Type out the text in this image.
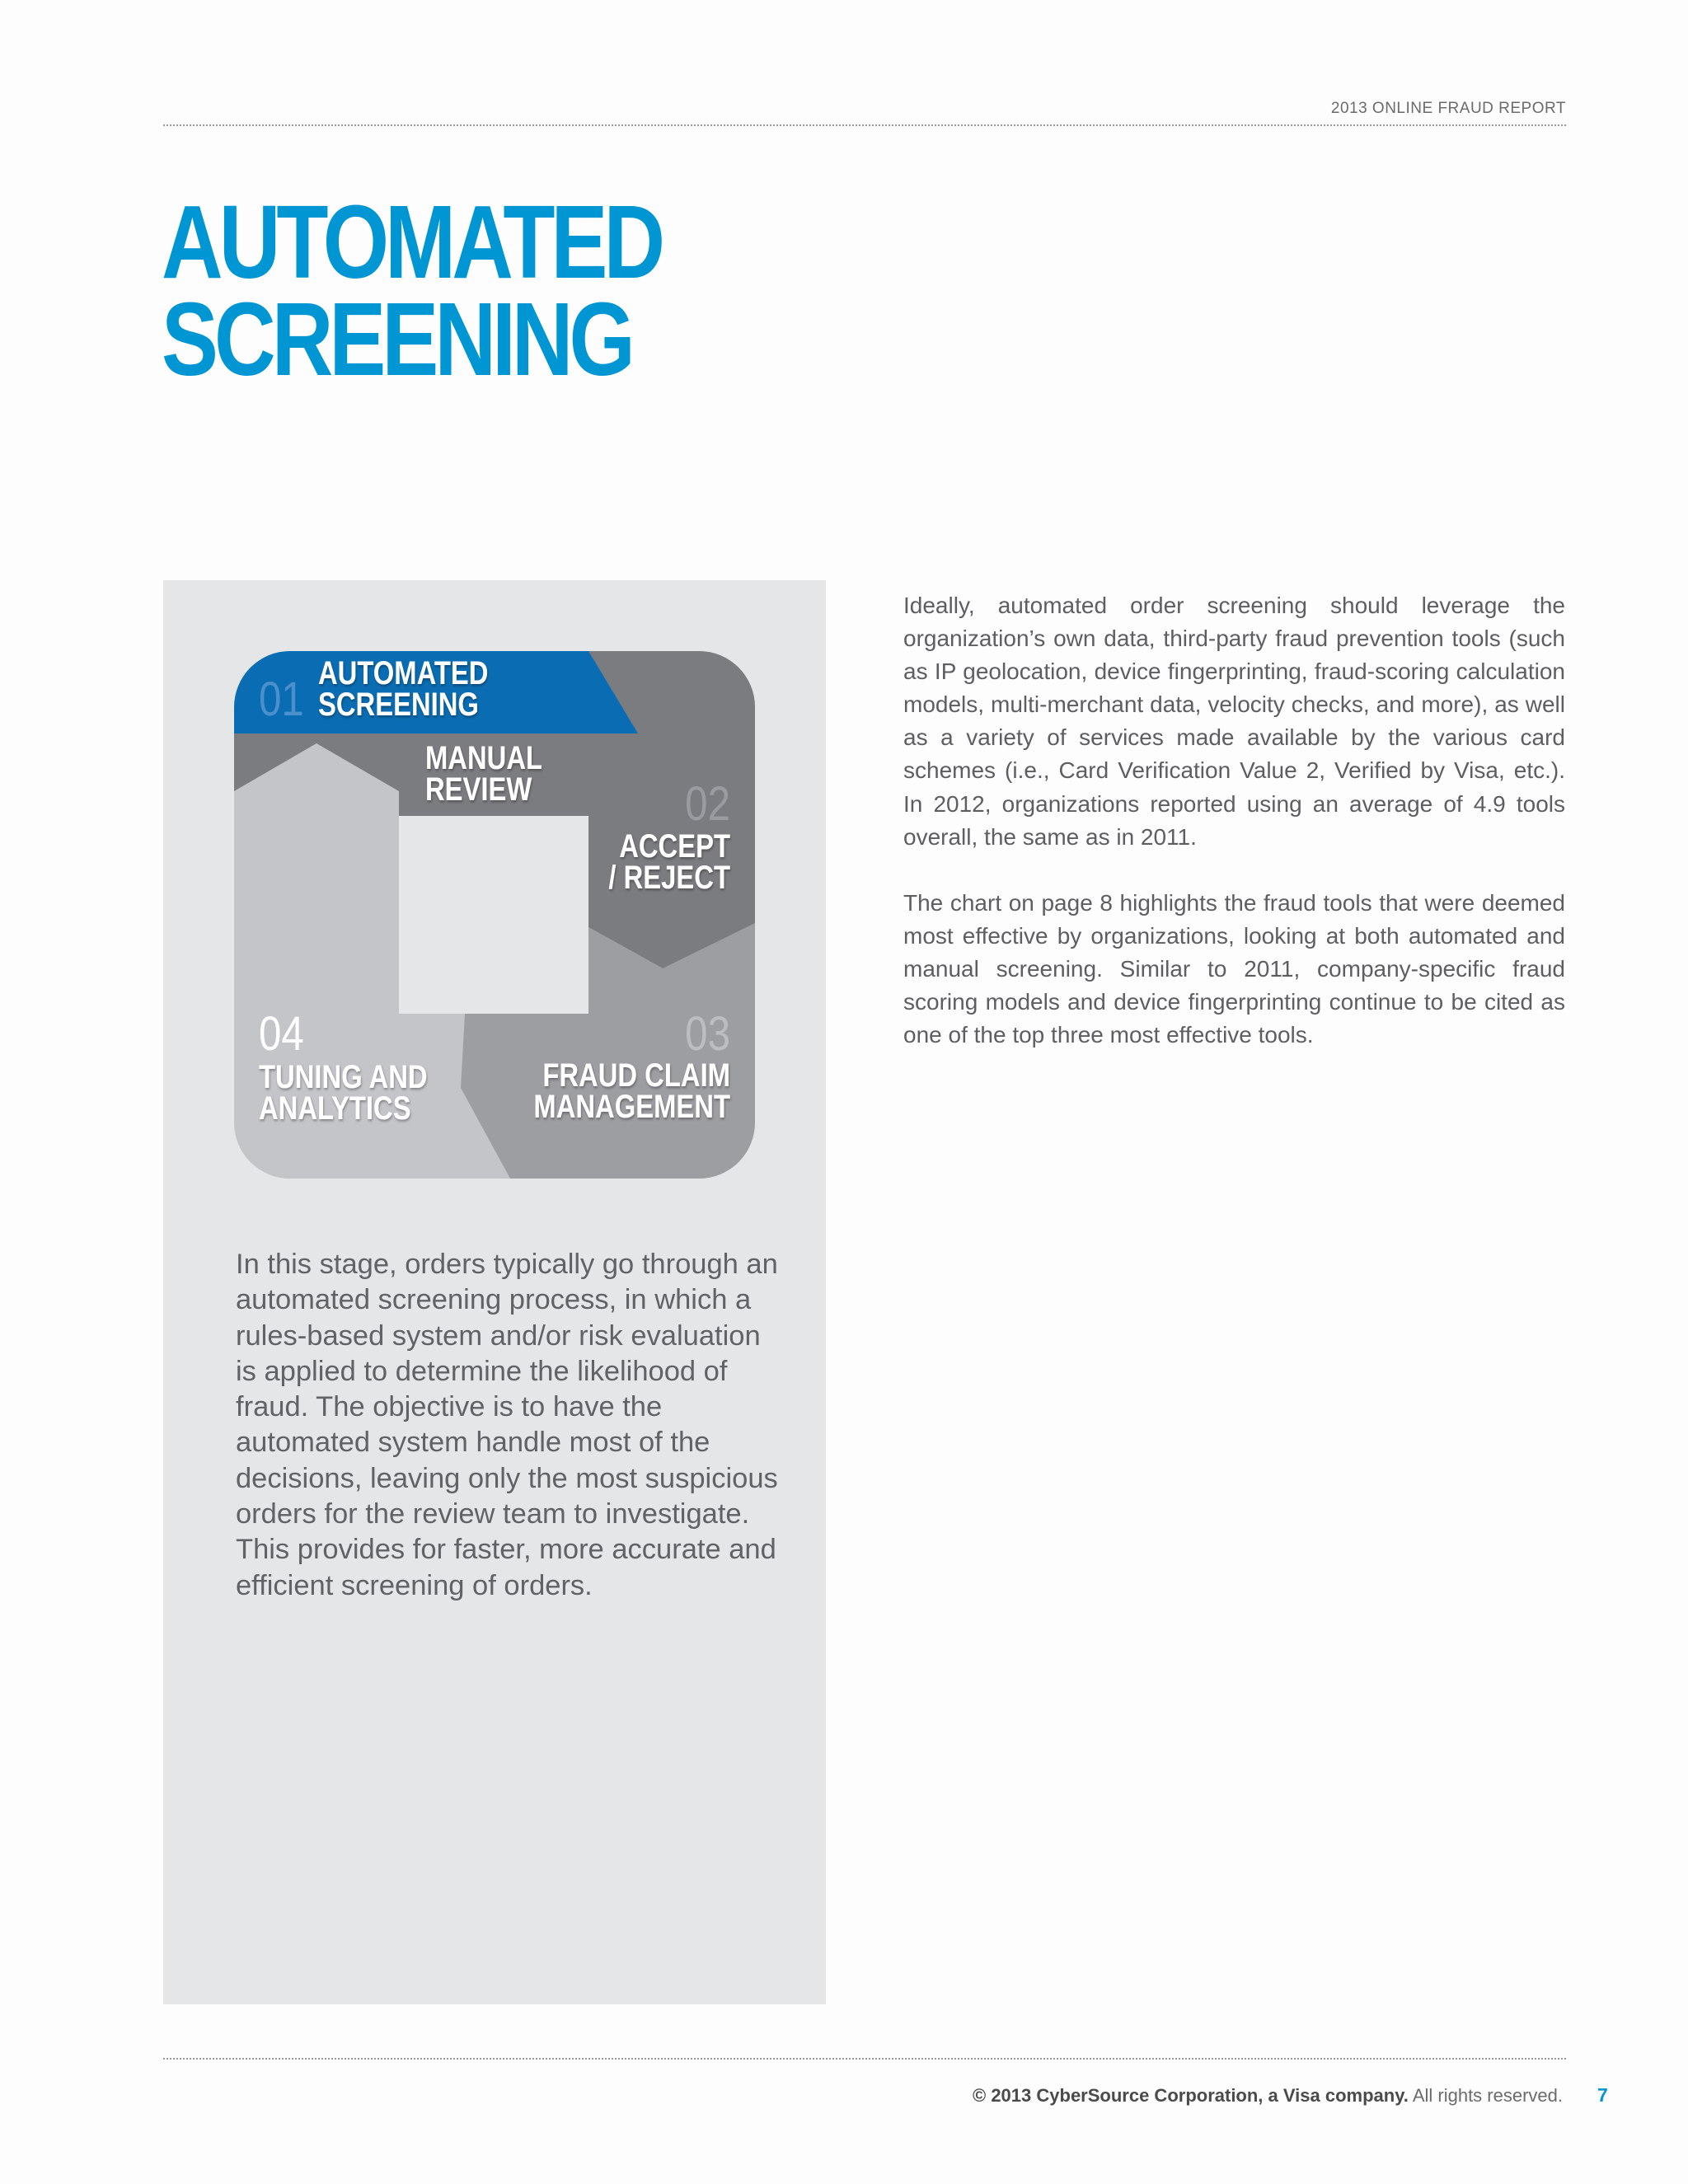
2013 ONLINE FRAUD REPORT
AUTOMATED
SCREENING
01 AUTOMATED
SCREENING
MANUAL
REVIEW	02
ACCEPT
/ REJECT
03
FRAUD CLAIM
MANAGEMENT
04
TUNING AND
ANALYTICS

In this stage, orders typically go through an automated screening process, in which a rules-based system and/or risk evaluation is applied to determine the likelihood of fraud. The objective is to have the automated system handle most of the decisions, leaving only the most suspicious orders for the review team to investigate. This provides for faster, more accurate and efficient screening of orders.

Ideally, automated order screening should leverage the organization’s own data, third-party fraud prevention tools (such as IP geolocation, device fingerprinting, fraud-scoring calculation models, multi-merchant data, velocity checks, and more), as well as a variety of services made available by the various card schemes (i.e., Card Verification Value 2, Verified by Visa, etc.). In 2012, organizations reported using an average of 4.9 tools overall, the same as in 2011.

The chart on page 8 highlights the fraud tools that were deemed most effective by organizations, looking at both automated and manual screening. Similar to 2011, company-specific fraud scoring models and device fingerprinting continue to be cited as one of the top three most effective tools.

© 2013 CyberSource Corporation, a Visa company. All rights reserved. 7
